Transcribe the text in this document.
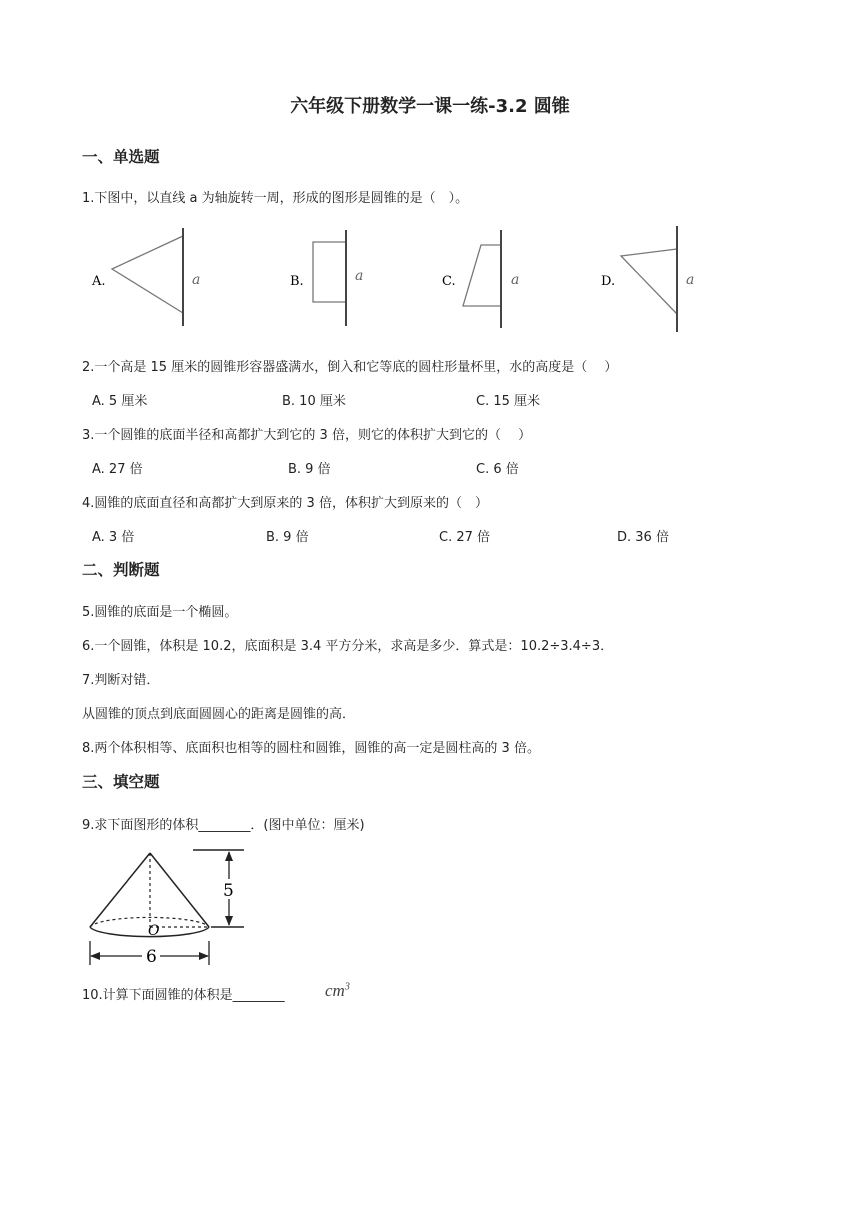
六年级下册数学一课一练-3.2 圆锥
一、单选题
1.下图中，以直线 a 为轴旋转一周，形成的图形是圆锥的是（　）。
A.	a	B.	a	C.	a	D.	a
2.一个高是 15 厘米的圆锥形容器盛满水，倒入和它等底的圆柱形量杯里，水的高度是（　 ）
A. 5 厘米	B. 10 厘米	C. 15 厘米
3.一个圆锥的底面半径和高都扩大到它的 3 倍，则它的体积扩大到它的（　 ）
A. 27 倍	B. 9 倍	C. 6 倍
4.圆锥的底面直径和高都扩大到原来的 3 倍，体积扩大到原来的（　）
A. 3 倍	B. 9 倍	C. 27 倍	D. 36 倍
二、判断题
5.圆锥的底面是一个椭圆。
6.一个圆锥，体积是 10.2，底面积是 3.4 平方分米，求高是多少．算式是：10.2÷3.4÷3．
7.判断对错．
从圆锥的顶点到底面圆圆心的距离是圆锥的高．
8.两个体积相等、底面积也相等的圆柱和圆锥，圆锥的高一定是圆柱高的 3 倍。
三、填空题
9.求下面图形的体积________．(图中单位：厘米)
O
5
6
10.计算下面圆锥的体积是________ $cm^3$
